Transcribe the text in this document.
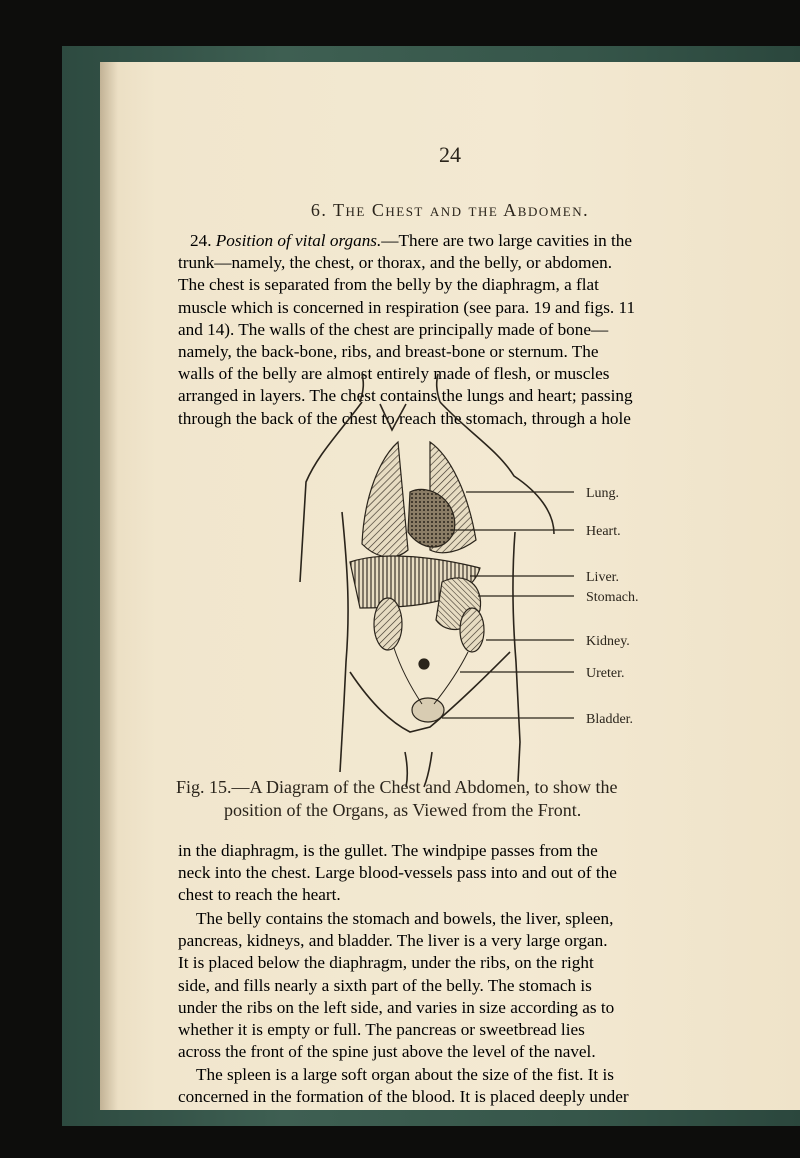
24
6. The Chest and the Abdomen.
24. Position of vital organs.—There are two large cavities in the
trunk—namely, the chest, or thorax, and the belly, or abdomen.
The chest is separated from the belly by the diaphragm, a flat
muscle which is concerned in respiration (see para. 19 and figs. 11
and 14). The walls of the chest are principally made of bone—
namely, the back-bone, ribs, and breast-bone or sternum. The
walls of the belly are almost entirely made of flesh, or muscles
arranged in layers. The chest contains the lungs and heart; passing
through the back of the chest to reach the stomach, through a hole
Lung.
Heart.
Liver.
Stomach.
Kidney.
Ureter.
Bladder.
Fig. 15.—A Diagram of the Chest and Abdomen, to show the
position of the Organs, as Viewed from the Front.
in the diaphragm, is the gullet. The windpipe passes from the
neck into the chest. Large blood-vessels pass into and out of the
chest to reach the heart.
The belly contains the stomach and bowels, the liver, spleen,
pancreas, kidneys, and bladder. The liver is a very large organ.
It is placed below the diaphragm, under the ribs, on the right
side, and fills nearly a sixth part of the belly. The stomach is
under the ribs on the left side, and varies in size according as to
whether it is empty or full. The pancreas or sweetbread lies
across the front of the spine just above the level of the navel.
The spleen is a large soft organ about the size of the fist. It is
concerned in the formation of the blood. It is placed deeply under
